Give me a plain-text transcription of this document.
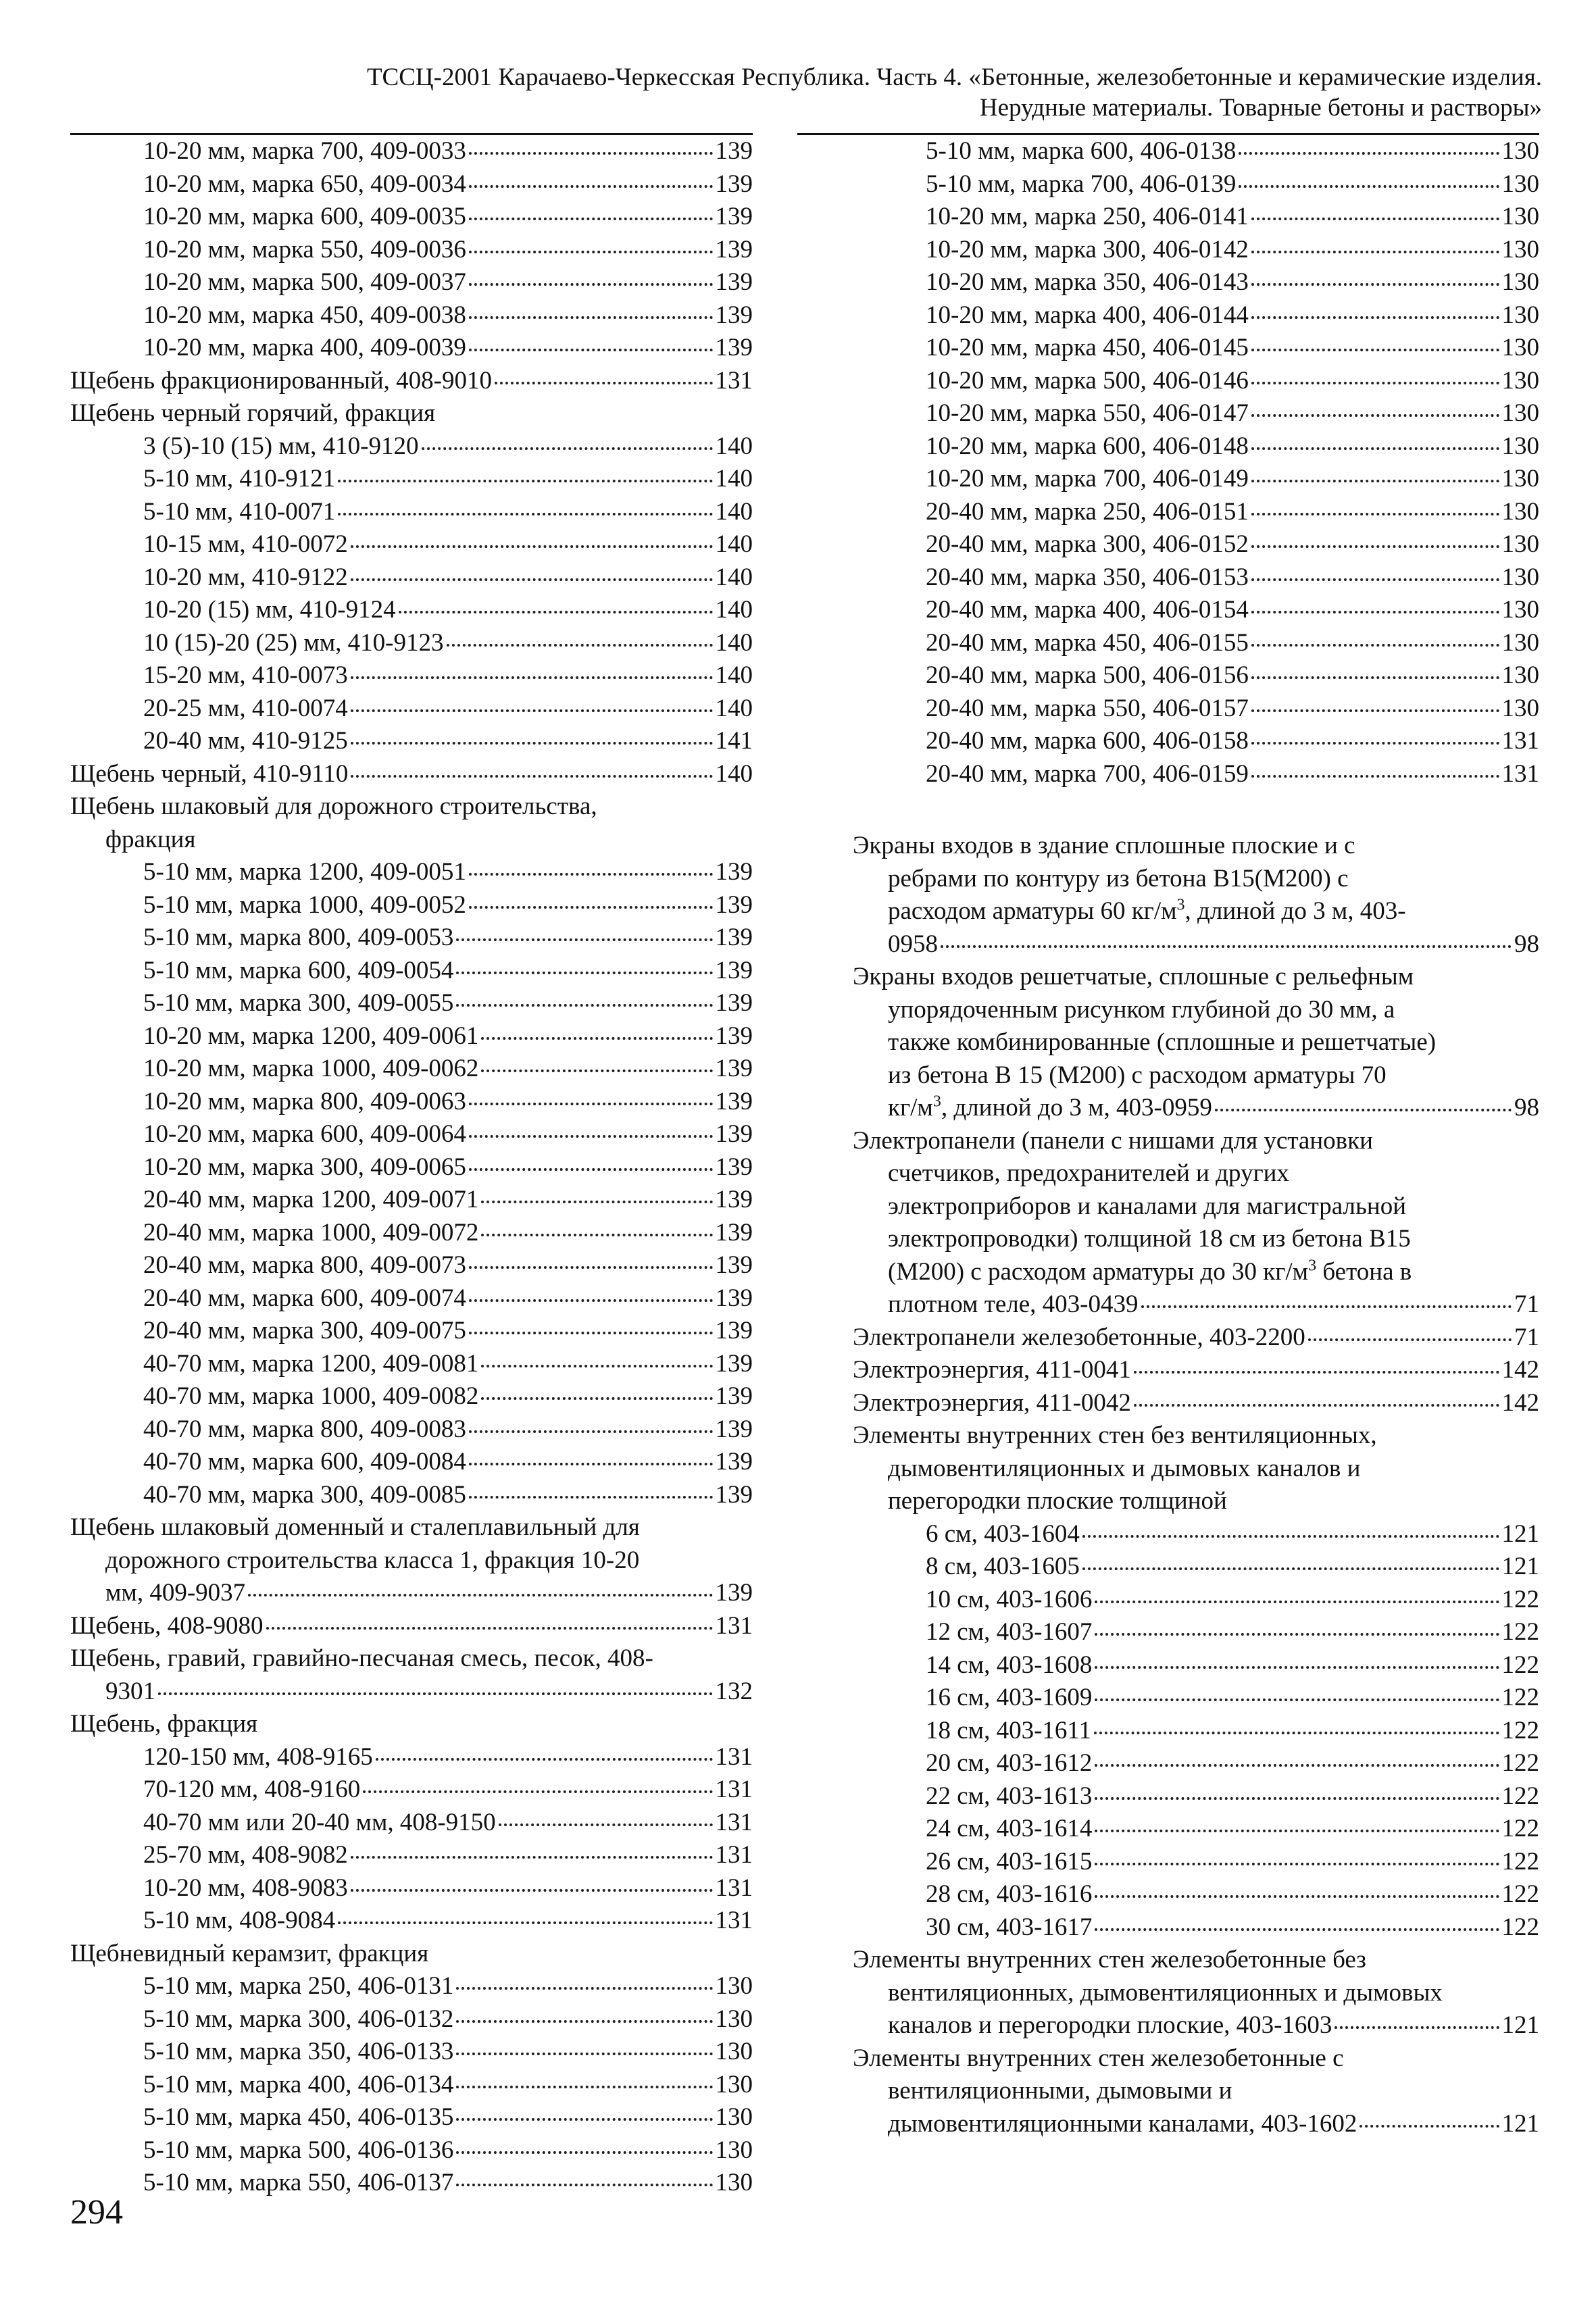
ТССЦ-2001 Карачаево-Черкесская Республика. Часть 4. «Бетонные, железобетонные и керамические изделия.
Нерудные материалы. Товарные бетоны и растворы»
10-20 мм, марка 700, 409-0033	139
10-20 мм, марка 650, 409-0034	139
10-20 мм, марка 600, 409-0035	139
10-20 мм, марка 550, 409-0036	139
10-20 мм, марка 500, 409-0037	139
10-20 мм, марка 450, 409-0038	139
10-20 мм, марка 400, 409-0039	139
Щебень фракционированный, 408-9010	131
Щебень черный горячий, фракция
3 (5)-10 (15) мм, 410-9120	140
5-10 мм, 410-9121	140
5-10 мм, 410-0071	140
10-15 мм, 410-0072	140
10-20 мм, 410-9122	140
10-20 (15) мм, 410-9124	140
10 (15)-20 (25) мм, 410-9123	140
15-20 мм, 410-0073	140
20-25 мм, 410-0074	140
20-40 мм, 410-9125	141
Щебень черный, 410-9110	140
Щебень шлаковый для дорожного строительства,
фракция
5-10 мм, марка 1200, 409-0051	139
5-10 мм, марка 1000, 409-0052	139
5-10 мм, марка 800, 409-0053	139
5-10 мм, марка 600, 409-0054	139
5-10 мм, марка 300, 409-0055	139
10-20 мм, марка 1200, 409-0061	139
10-20 мм, марка 1000, 409-0062	139
10-20 мм, марка 800, 409-0063	139
10-20 мм, марка 600, 409-0064	139
10-20 мм, марка 300, 409-0065	139
20-40 мм, марка 1200, 409-0071	139
20-40 мм, марка 1000, 409-0072	139
20-40 мм, марка 800, 409-0073	139
20-40 мм, марка 600, 409-0074	139
20-40 мм, марка 300, 409-0075	139
40-70 мм, марка 1200, 409-0081	139
40-70 мм, марка 1000, 409-0082	139
40-70 мм, марка 800, 409-0083	139
40-70 мм, марка 600, 409-0084	139
40-70 мм, марка 300, 409-0085	139
Щебень шлаковый доменный и сталеплавильный для
дорожного строительства класса 1, фракция 10-20
мм, 409-9037	139
Щебень, 408-9080	131
Щебень, гравий, гравийно-песчаная смесь, песок, 408-
9301	132
Щебень, фракция
120-150 мм, 408-9165	131
70-120 мм, 408-9160	131
40-70 мм или 20-40 мм, 408-9150	131
25-70 мм, 408-9082	131
10-20 мм, 408-9083	131
5-10 мм, 408-9084	131
Щебневидный керамзит, фракция
5-10 мм, марка 250, 406-0131	130
5-10 мм, марка 300, 406-0132	130
5-10 мм, марка 350, 406-0133	130
5-10 мм, марка 400, 406-0134	130
5-10 мм, марка 450, 406-0135	130
5-10 мм, марка 500, 406-0136	130
5-10 мм, марка 550, 406-0137	130
5-10 мм, марка 600, 406-0138	130
5-10 мм, марка 700, 406-0139	130
10-20 мм, марка 250, 406-0141	130
10-20 мм, марка 300, 406-0142	130
10-20 мм, марка 350, 406-0143	130
10-20 мм, марка 400, 406-0144	130
10-20 мм, марка 450, 406-0145	130
10-20 мм, марка 500, 406-0146	130
10-20 мм, марка 550, 406-0147	130
10-20 мм, марка 600, 406-0148	130
10-20 мм, марка 700, 406-0149	130
20-40 мм, марка 250, 406-0151	130
20-40 мм, марка 300, 406-0152	130
20-40 мм, марка 350, 406-0153	130
20-40 мм, марка 400, 406-0154	130
20-40 мм, марка 450, 406-0155	130
20-40 мм, марка 500, 406-0156	130
20-40 мм, марка 550, 406-0157	130
20-40 мм, марка 600, 406-0158	131
20-40 мм, марка 700, 406-0159	131
Экраны входов в здание сплошные плоские и с
ребрами по контуру из бетона В15(М200) с
расходом арматуры 60 $кг/м^3$, длиной до 3 м, 403-
0958	98
Экраны входов решетчатые, сплошные с рельефным
упорядоченным рисунком глубиной до 30 мм, а
также комбинированные (сплошные и решетчатые)
из бетона В 15 (М200) с расходом арматуры 70
$кг/м^3$, длиной до 3 м, 403-0959	98
Электропанели (панели с нишами для установки
счетчиков, предохранителей и других
электроприборов и каналами для магистральной
электропроводки) толщиной 18 см из бетона В15
(М200) с расходом арматуры до 30 $кг/м^3$ бетона в
плотном теле, 403-0439	71
Электропанели железобетонные, 403-2200	71
Электроэнергия, 411-0041	142
Электроэнергия, 411-0042	142
Элементы внутренних стен без вентиляционных,
дымовентиляционных и дымовых каналов и
перегородки плоские толщиной
6 см, 403-1604	121
8 см, 403-1605	121
10 см, 403-1606	122
12 см, 403-1607	122
14 см, 403-1608	122
16 см, 403-1609	122
18 см, 403-1611	122
20 см, 403-1612	122
22 см, 403-1613	122
24 см, 403-1614	122
26 см, 403-1615	122
28 см, 403-1616	122
30 см, 403-1617	122
Элементы внутренних стен железобетонные без
вентиляционных, дымовентиляционных и дымовых
каналов и перегородки плоские, 403-1603	121
Элементы внутренних стен железобетонные с
вентиляционными, дымовыми и
дымовентиляционными каналами, 403-1602	121
294
